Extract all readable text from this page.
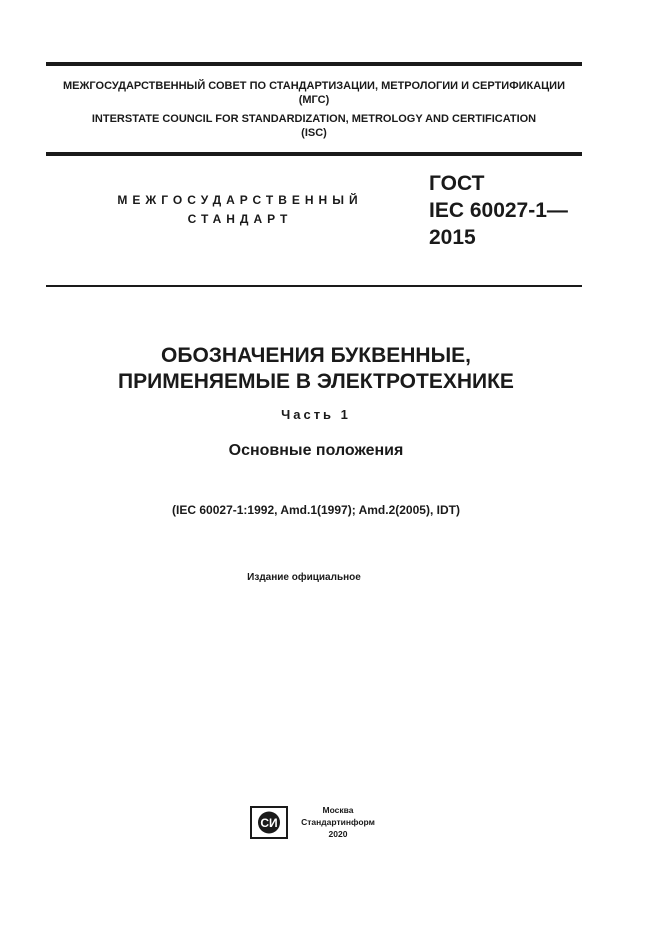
МЕЖГОСУДАРСТВЕННЫЙ СОВЕТ ПО СТАНДАРТИЗАЦИИ, МЕТРОЛОГИИ И СЕРТИФИКАЦИИ
(МГС)
INTERSTATE COUNCIL FOR STANDARDIZATION, METROLOGY AND CERTIFICATION
(ISC)
МЕЖГОСУДАРСТВЕННЫЙ
СТАНДАРТ
ГОСТ
IEC 60027-1—
2015
ОБОЗНАЧЕНИЯ БУКВЕННЫЕ,
ПРИМЕНЯЕМЫЕ В ЭЛЕКТРОТЕХНИКЕ
Часть 1
Основные положения
(IEC 60027-1:1992, Amd.1(1997); Amd.2(2005), IDT)
Издание официальное
СИ
Москва
Стандартинформ
2020
